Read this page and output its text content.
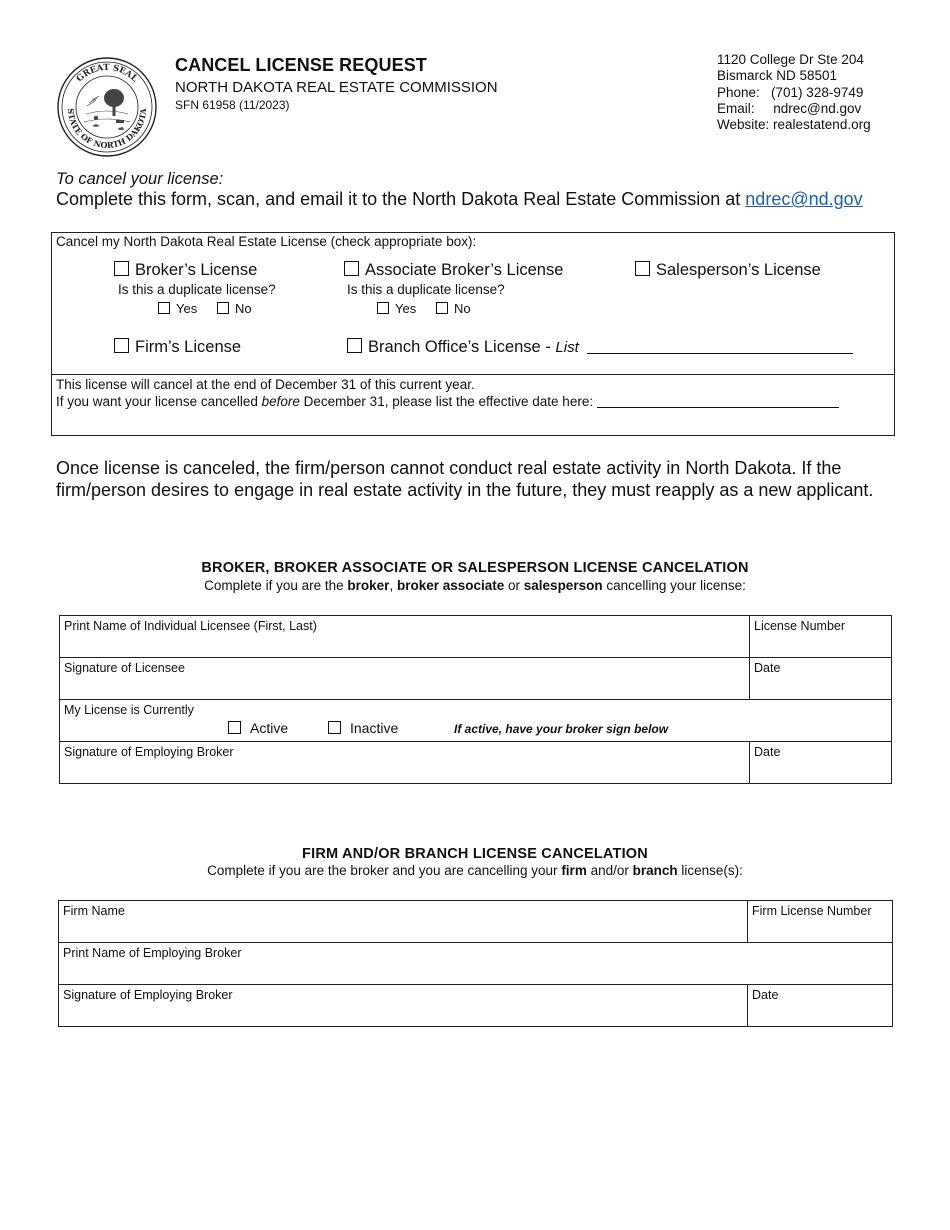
GREAT SEAL
STATE OF NORTH DAKOTA
CANCEL LICENSE REQUEST
NORTH DAKOTA REAL ESTATE COMMISSION
SFN 61958 (11/2023)
1120 College Dr Ste 204
Bismarck ND 58501
Phone:   (701) 328-9749
Email:     ndrec@nd.gov
Website: realestatend.org
To cancel your license:
Complete this form, scan, and email it to the North Dakota Real Estate Commission at ndrec@nd.gov
Cancel my North Dakota Real Estate License (check appropriate box):
Broker’s License
Is this a duplicate license?
Yes	No
Associate Broker’s License
Is this a duplicate license?
Yes	No
Salesperson’s License
Firm’s License	Branch Office’s License - List
This license will cancel at the end of December 31 of this current year.
If you want your license cancelled before December 31, please list the effective date here:
Once license is canceled, the firm/person cannot conduct real estate activity in North Dakota. If the firm/person desires to engage in real estate activity in the future, they must reapply as a new applicant.
BROKER, BROKER ASSOCIATE OR SALESPERSON LICENSE CANCELATION
Complete if you are the broker, broker associate or salesperson cancelling your license:
Print Name of Individual Licensee (First, Last)	License Number
Signature of Licensee	Date

My License is Currently
Active Inactive If active, have your broker sign below	

Signature of Employing Broker	Date
FIRM AND/OR BRANCH LICENSE CANCELATION
Complete if you are the broker and you are cancelling your firm and/or branch license(s):
Firm Name	Firm License Number
Print Name of Employing Broker	
Signature of Employing Broker	Date
